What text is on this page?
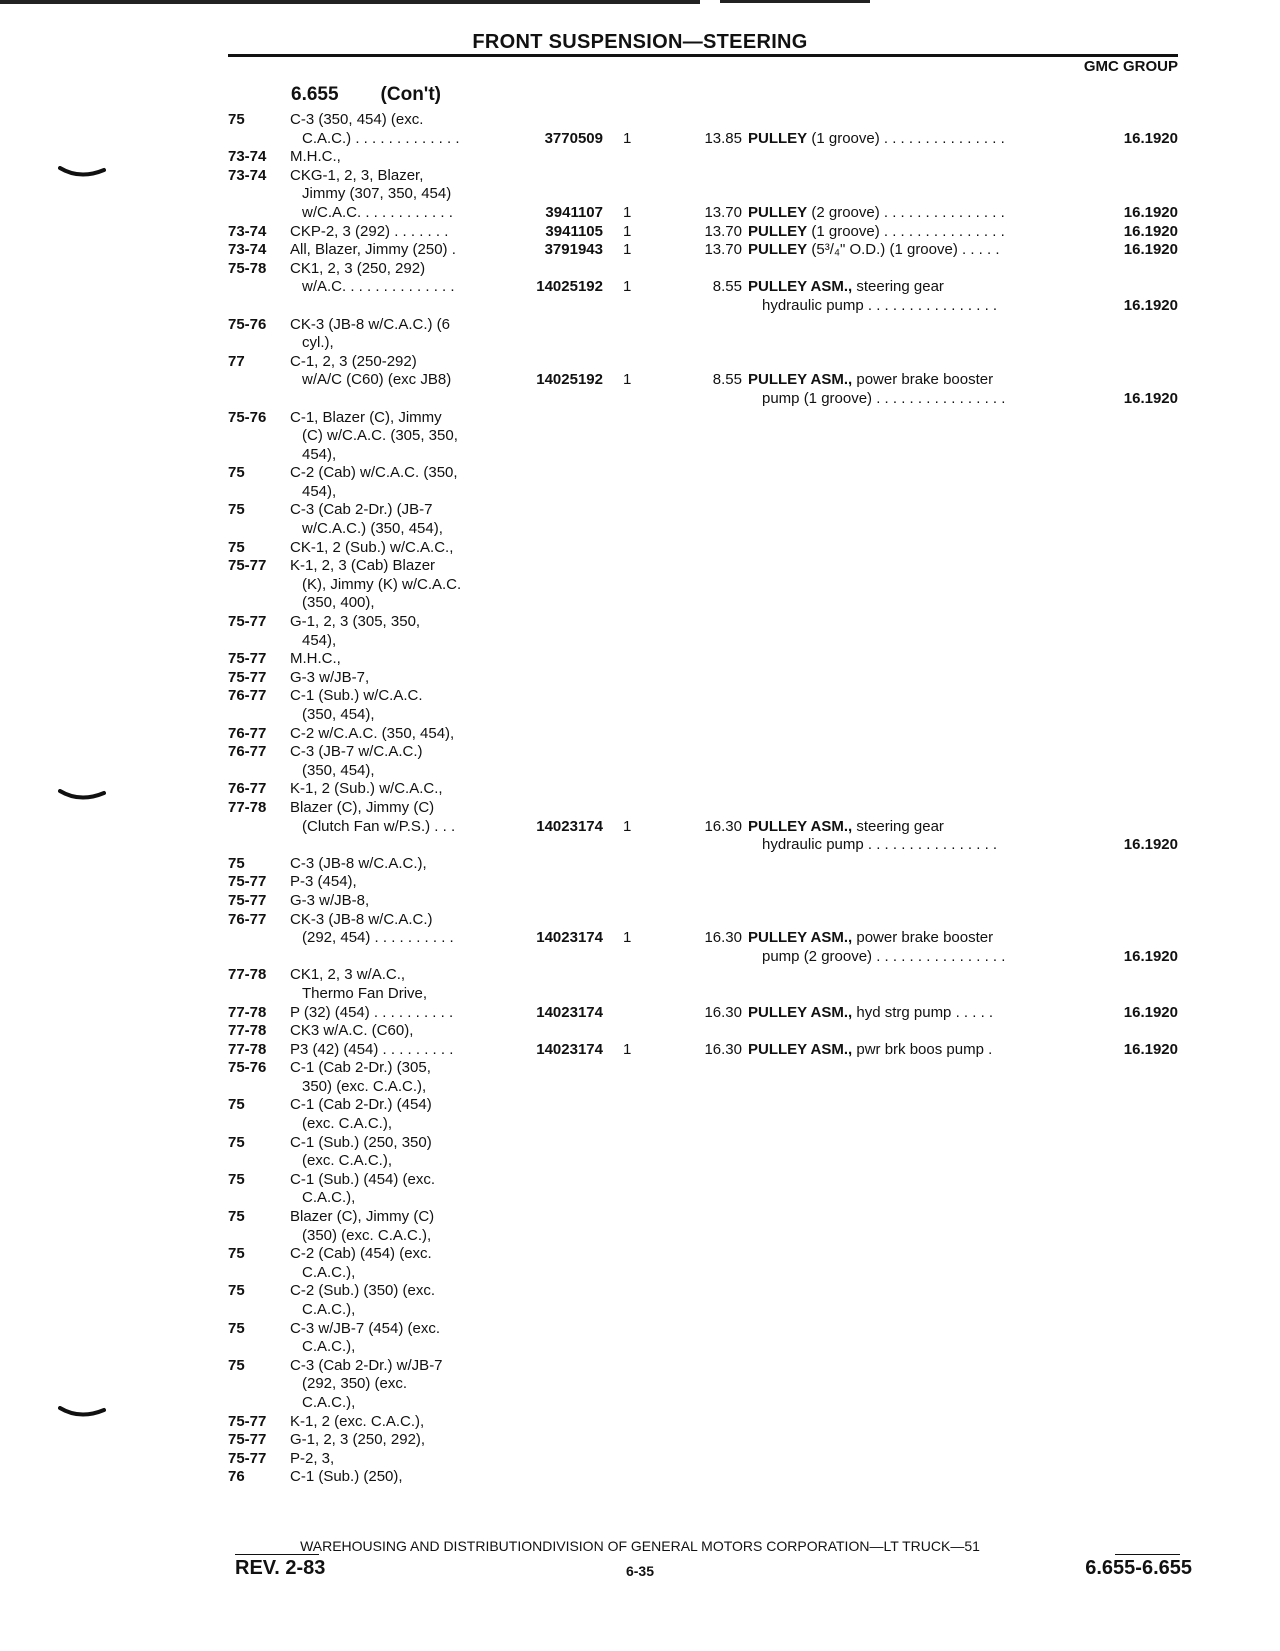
FRONT SUSPENSION—STEERING
GMC GROUP
6.655 (Con't)
75	C-3 (350, 454) (exc.
C.A.C.) . . . . . . . . . . . . .	3770509 1	13.85 PULLEY (1 groove) . . . . . . . . . . . . . . .	16.1920
73-74	M.H.C.,
73-74	CKG-1, 2, 3, Blazer,
Jimmy (307, 350, 454)
w/C.A.C. . . . . . . . . . . .	3941107 1	13.70 PULLEY (2 groove) . . . . . . . . . . . . . . .	16.1920
73-74	CKP-2, 3 (292) . . . . . . .	3941105 1	13.70 PULLEY (1 groove) . . . . . . . . . . . . . . .	16.1920
73-74	All, Blazer, Jimmy (250) .	3791943 1	13.70 PULLEY (5³/₄" O.D.) (1 groove) . . . . .	16.1920
75-78	CK1, 2, 3 (250, 292)
w/A.C. . . . . . . . . . . . . .	14025192 1	8.55 PULLEY ASM., steering gear
hydraulic pump . . . . . . . . . . . . . . . .	16.1920
75-76	CK-3 (JB-8 w/C.A.C.) (6
cyl.),
77	C-1, 2, 3 (250-292)
w/A/C (C60) (exc JB8)	14025192 1	8.55 PULLEY ASM., power brake booster
pump (1 groove) . . . . . . . . . . . . . . . .	16.1920
75-76	C-1, Blazer (C), Jimmy
(C) w/C.A.C. (305, 350,
454),
75	C-2 (Cab) w/C.A.C. (350,
454),
75	C-3 (Cab 2-Dr.) (JB-7
w/C.A.C.) (350, 454),
75	CK-1, 2 (Sub.) w/C.A.C.,
75-77	K-1, 2, 3 (Cab) Blazer
(K), Jimmy (K) w/C.A.C.
(350, 400),
75-77	G-1, 2, 3 (305, 350,
454),
75-77	M.H.C.,
75-77	G-3 w/JB-7,
76-77	C-1 (Sub.) w/C.A.C.
(350, 454),
76-77	C-2 w/C.A.C. (350, 454),
76-77	C-3 (JB-7 w/C.A.C.)
(350, 454),
76-77	K-1, 2 (Sub.) w/C.A.C.,
77-78	Blazer (C), Jimmy (C)
(Clutch Fan w/P.S.) . . .	14023174 1	16.30 PULLEY ASM., steering gear
hydraulic pump . . . . . . . . . . . . . . . .	16.1920
75	C-3 (JB-8 w/C.A.C.),
75-77	P-3 (454),
75-77	G-3 w/JB-8,
76-77	CK-3 (JB-8 w/C.A.C.)
(292, 454) . . . . . . . . . .	14023174 1	16.30 PULLEY ASM., power brake booster
pump (2 groove) . . . . . . . . . . . . . . . .	16.1920
77-78	CK1, 2, 3 w/A.C.,
Thermo Fan Drive,
77-78	P (32) (454) . . . . . . . . . .	14023174	16.30 PULLEY ASM., hyd strg pump . . . . .	16.1920
77-78	CK3 w/A.C. (C60),
77-78	P3 (42) (454) . . . . . . . . .	14023174 1	16.30 PULLEY ASM., pwr brk boos pump .	16.1920
75-76	C-1 (Cab 2-Dr.) (305,
350) (exc. C.A.C.),
75	C-1 (Cab 2-Dr.) (454)
(exc. C.A.C.),
75	C-1 (Sub.) (250, 350)
(exc. C.A.C.),
75	C-1 (Sub.) (454) (exc.
C.A.C.),
75	Blazer (C), Jimmy (C)
(350) (exc. C.A.C.),
75	C-2 (Cab) (454) (exc.
C.A.C.),
75	C-2 (Sub.) (350) (exc.
C.A.C.),
75	C-3 w/JB-7 (454) (exc.
C.A.C.),
75	C-3 (Cab 2-Dr.) w/JB-7
(292, 350) (exc.
C.A.C.),
75-77	K-1, 2 (exc. C.A.C.),
75-77	G-1, 2, 3 (250, 292),
75-77	P-2, 3,
76	C-1 (Sub.) (250),
WAREHOUSING AND DISTRIBUTIONDIVISION OF GENERAL MOTORS CORPORATION—LT TRUCK—51
REV. 2-83	6-35	6.655-6.655
